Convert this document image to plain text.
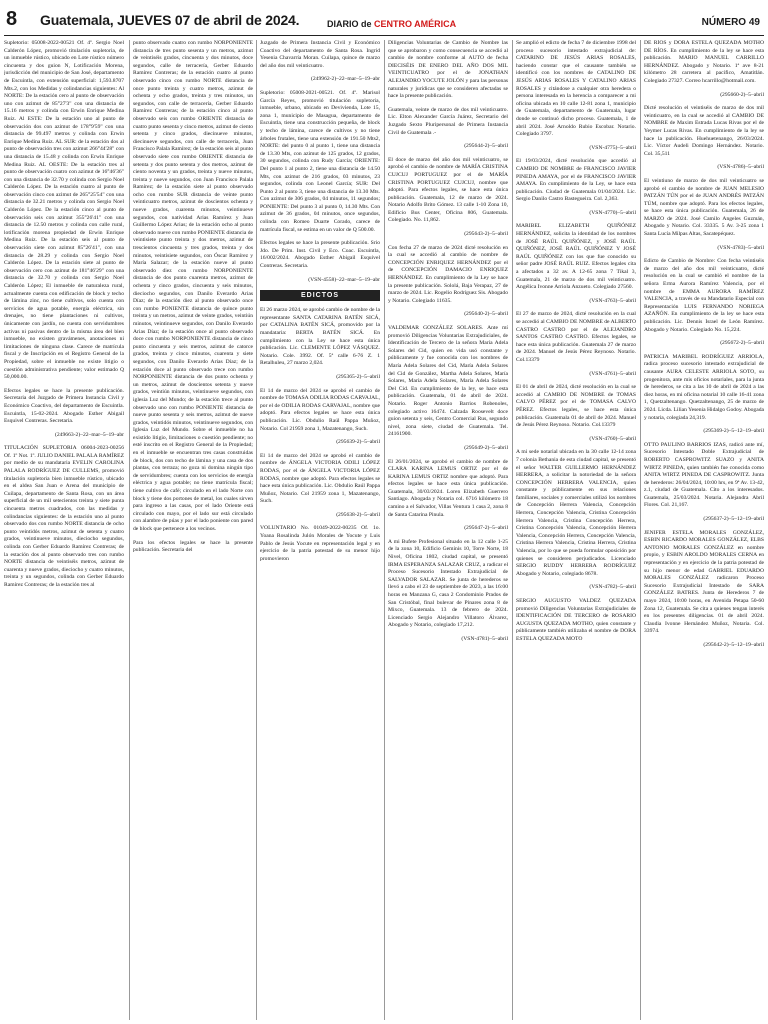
8 Guatemala, JUEVES 07 de abril de 2024.	DIARIO de CENTRO AMÉRICA	NÚMERO 49

Supletorio: 05008-2022-00521 Of. 4º. Sergio Noel Calderón López, promovió titulación supletoria, de un inmueble rústico, ubicado en Lote rústico número cincuenta y dos guion N, Lotificación Morena, jurisdicción del municipio de San José, departamento de Escuintla, con extensión superficial: 1,593.8707 Mts.2, con los Medidas y colindancias siguientes: Al NORTE: De la estación cero al punto de observación uno con azimut de 85°27'3" con una distancia de 15.16 metros y colinda con Erwin Enrique Medina Ruiz. Al ESTE: De la estación uno al punto de observación dos con azimut de 178°9'59" con una distancia de 99.497 metros y colinda con Erwin Enrique Medina Ruiz. AL SUR: de la estación dos al punto de observación tres con azimut 266°44'28" con una distancia de 15.48 y colinda con Erwin Enrique Medina Ruiz. AL OESTE: De la estación tres al punto de observación cuatro con azimut de 16°46'36" con una distancia de 32.70 y colinda con Sergio Noel Calderón López. De la estación cuatro al punto de observación cinco con azimut de 265°25'54" con una distancia de 32.21 metros y colinda con Sergio Noel Calderón López. De la estación cinco al punto de observación seis con azimut 355°26'41" con una distancia de 12.50 metros y colinda con calle rural, lotificación morena propiedad de Erwin Enrique Medina Ruiz. De la estación seis al punto de observación siete con azimut 85°26'41", con una distancia de 28.29 y colinda con Sergio Noel Calderón López. De la estación siete al punto de observación cero con azimut de 181°46'29" con una distancia de 32.70 y colinda con Sergio Noel Calderón López; El inmueble de naturaleza rural, actualmente cuenta con edificación de block y techo de lámina zinc, no tiene cultivos, solo cuenta con servicios de agua potable, energía eléctrica, sin drenajes, no tiene plantaciones ni cultivos, únicamente con jardín, no cuenta con servidumbres activas ni pasivas dentro de la misma área del bien inmueble, no existen gravámenes, anotaciones ni limitaciones de ninguna clase. Carece de matrícula fiscal y de Inscripción en el Registro General de la Propiedad, sobre el inmueble no existe litigio o cuestión administrativa pendiente; valor estimado Q 50,000.00.

Efectos legales se hace la presente publicación. Secretaria del Juzgado de Primera Instancia Civil y Económico Coactivo, del departamento de Escuintla. Escuintla, 15-02-2024. Abogado Esther Abigail Esquivel Contreras. Secretaria.

(249663-2)–22–mar–5–19–abr

TITULACIÓN SUPLETORIA 06004-2023-00256 Of. 1º Not. 1º. JULIO DANIEL PALALA RAMÍREZ por medio de su mandataria EVELIN CAROLINA PALALA RODRÍGUEZ DE CULLEMS, promovió titulación supletoria bien inmueble rústico, ubicado en el aldea San Juan e Arena del municipio de Cuilapa, departamento de Santa Rosa, con un área superficial de un mil setecientos treinta y siete punta cincuenta metros cuadrados, con las medidas y colindancias siguientes: de la estación uno al punto observado dos con rumbo NORTE distancia de ocho punto veintidós metros, azimut de setenta y cuatro grados, veintinueve minutos, dieciocho segundos, colinda con Gerber Eduardo Ramírez Contreras; de la estación dos al punto observado tres con rumbo NORTE distancia de veintiséis metros, azimut de cuarenta y nueve grados, dieciocho y cuatro minutos, treinta y un segundos, colinda con Gerber Eduardo Ramírez Contreras; de la estación tres al

punto observado cuatro con rumbo NORPONIENTE distancia de tres punto sesenta y un metros, azimut de veintiséis grados, cincuenta y dos minutos, doce segundos, calle de terracería, Gerber Eduardo Ramírez Contreras; de la estación cuatro al punto observado cinco con rumbo NORTE distancia de once punto treinta y cuatro metros, azimut de ochenta y ocho grados, treinta y tres minutos, un segundos, con calle de terracería, Gerber Eduardo Ramírez Contreras; de la estación cinco al punto observado seis con rumbo ORIENTE distancia de cuatro punto sesenta y cinco metros, azimut de ciento setenta y cinco grados, diecinueve minutos, diecinueve segundos, con calle de terracería, Juan Francisco Palala Ramírez; de la estación seis al punto observado siete con rumbo ORIENTE distancia de setenta y dos punto setenta y dos metros, azimut de ciento noventa y un grados, treinta y nueve minutos, treinta y nueve segundos, con Juan Francisco Palala Ramírez; de la estación siete al punto observado ocho con rumbo SUR distancia de veinte punto veinticuatro metros, azimut de doscientos ochenta y nueve grados, cuarenta minutos, veintinueve segundos, con natividad Arias Ramírez y Juan Guillermo López Arias; de la estación ocho al punto observado nueve con rumbo PONIENTE distancia de veintisiete punto treinta y dos metros, azimut de trescientos cincuenta y tres grados, treinta y dos minutos, veintisiete segundos, con Óscar Ramírez y María Salazar; de la estación nueve al punto observado diez con rumbo NORPONIENTE distancia de dos punto cuarenta metros, azimut de ochenta y cinco grados, cincuenta y seis minutos, dieciocho segundos, con Danilo Everardo Arias Díaz; de la estación diez al punto observado once con rumbo PONIENTE distancia de quince punto treinta y un metros, azimut de veinte grados, veintiún minutos, veintinueve segundos, con Danilo Everardo Arias Díaz; de la estación once al punto observado doce con rumbo NORPONIENTE distancia de cinco punto cincuenta y seis metros, azimut de catorce grados, treinta y cinco minutos, cuarenta y siete segundos, con Danilo Everardo Arias Díaz; de la estación doce al punto observado trece con rumbo NORPONIENTE distancia de dos punto ochenta y un metros, azimut de doscientos setenta y nueve grados, veintiún minutos, veintinueve segundos, con iglesia Luz del Mundo; de la estación trece al punto observado uno con rumbo PONIENTE distancia de nueve punto sesenta y seis metros, azimut de nueve grados, veintidós minutos, veintinueve segundos, con Iglesia Luz del Mundo. Sobre el inmueble no ha existido litigio, limitaciones o cuestión pendiente; no esté inscrito en el Registro General de la Propiedad; en el inmueble se encuentran tres casas construidas de block, dos con techo de lámina y una casa de dos plantas, con terraza; no goza ni domina ningún tipo de servidumbres; cuenta con los servicios de energía eléctrica y agua potable; no tiene matrícula fiscal; tiene cultivo de café; circulado en el lado Norte con block y tiene dos portones de metal, los cuales sirven para ingreso a las casas, por el lado Oriente está circulado con mayo, por el lado sur está circulado con alambre de púas y por el lado poniente con pared de block que pertenece a los vecinos.

Para los efectos legales se hace la presente publicación. Secretaria del

Juzgado de Primera Instancia Civil y Económico Coactivo del departamento de Santa Rosa. Ingrid Yesenia Chavarría Moran. Cuilapa, quince de marzo del año dos mil veinticuatro.

(249962-2)–22–mar–5–19–abr

Supletorio: 05008-2021-00521. Of. 4º. Marisol García Reyes, promovió titulación supletoria, inmueble, urbano, ubicado en Devivienda, Lote 15, zona 1, municipio de Masagua, departamento de Escuintla, tiene una construcción pequeña, de block y techo de lámina, carece de cultivos y no tiene árboles frutales, tiene una extensión de 191.50 Mts2, NORTE: del punto 0 al punto 1, tiene una distancia de 13.30 Mts, con azimut de 125 grados, 12 grados, 30 segundos, colinda con Rudy García; ORIENTE: Del punto 1 al punto 2, tiene una distancia de 14.50 Mts, con azimut de 216 grados, 03 minutos, 23 segundos, colinda con Leonel García; SUR: Del Punto 2 al punto 3, tiene una distancia de 13.30 Mts. Con azimut de 306 grados, 04 minutos, 11 segundos; PONIENTE: Del punto 3 al punto 0, 14.30 Mts. Con azimut de 36 grados, 04 minutos, once segundos, colinda con Romeo Duarte Corado, carece de matrícula fiscal, se estima en un valor de Q 500.00.

Efectos legales se hace la presente publicación. Srio Jdo. De Prim. Inst. Civil y Eco. Coac. Escuintla, 16/002/2024. Abogado Esther Abigail Esquivel Contreras. Secretaria.

(VSN-4558)–22–mar–5–19–abr

EDICTOS

El 26 marzo 2024, se aprobó cambio de nombre de la representante SANTA CATARINA BATÉN SICÁ, por CATALINA BATÉN SICÁ, promovido por la mandataria: BERTA BATÉN SICÁ. En cumplimiento con la Ley se hace esta única publicación. Lic. CLEMENTE LÓPEZ VÁSQUEZ. Notario. Cole. 3992. Of. 5ª calle 6-76 Z. 1 Retalhuleu, 27 marzo 2,024.

(295365-2)–5–abril

El 14 de marzo del 2024 se aprobó el cambio de nombre de TOMASA ODILIA RODAS CARVAJAL, por el de ODILIA RODAS CARVAJAL, nombre que adoptó. Para efectos legales se hace esta única publicación. Lic. Obdulio Raúl Pappa Muñoz, Notario. Col 21959 zona 1, Mazatenango, Such.

(295639-2)–5–abril

El 14 de marzo del 2024 se aprobó el cambio de nombre de ÁNGELA VICTORIA ODILI LÓPEZ RODAS, por el de ÁNGELA VICTORIA LÓPEZ RODAS, nombre que adoptó. Para efectos legales se hace esta única publicación. Lic. Obdulio Raúl Pappa Muñoz, Notario. Col 21959 zona 1, Mazatenango, Such.

(295638-2)–5–abril

VOLUNTARIO No. 01049-2022-00235 Of. 1o. Yoana Rosalinda Julón Morales de Yocute y Luis Pablo de Jesús Yocute en representación legal y en ejercicio de la patria potestad de su menor hijo promovieron

Diligencias Voluntarias de Cambio de Nombre las que se aprobaron y como consecuencia se accedió al cambio de nombre conforme al AUTO de fecha DIECISÉIS DE ENERO DEL AÑO DOS MIL VEINTICUATRO por el de JONATHAN ALEJANDRO YOCUTE JOLÓN y para las personas naturales y jurídicas que se consideren afectadas se hace la presente publicación.

Guatemala, veinte de marzo de dos mil veinticuatro. Lic. Elton Alexander García Juárez, Secretario del Juzgado Sexto Pluripersonal de Primera Instancia Civil de Guatemala .-

(295644-2)–5–abril

El doce de marzo del año dos mil veinticuatro, se aprobó el cambio de nombre de MARÍA CRISTINA CUJCUJ PORTUGUEZ por el de MARÍA CRISTINA PORTUGUEZ CUJCUJ, nombre que adoptó. Para efectos legales, se hace esta única publicación. Guatemala, 12 de marzo de 2024. Notario Adolfo Brito Gómez. 13 calle 1-10 Zona 10, Edificio Bus Center, Oficina 806, Guatemala. Colegiado. No. 11,862.

(295643-2)–5–abril

Con fecha 27 de marzo de 2024 dicté resolución en la cual se accedió al cambio de nombre de CONCEPCIÓN ENRIQUEZ HERNÁNDEZ por el de CONCEPCIÓN DAMACIO ENRIQUEZ HERNÁNDEZ. En cumplimiento de la Ley se hace la presente publicación. Sololá, Baja Verapaz, 27 de marzo de 2024. Lic. Rogelio Rodríguez Sis. Abogado y Notario. Colegiado 11635.

(295640-2)–5–abril

VALDEMAR GONZÁLEZ SOLARES. Ante mí promovió Diligencias Voluntarias Extrajudiciales, de Identificación de Tercero de la señora María Adela Solares del Cid, quien en vida usó constante y públicamente y fue conocida con los nombres de María Adela Solares del Cid, María Adela Solares del Cid de González, Martha Adela Solares, María Solares, María Adela Solares, María Adela Solares Del Cid. En cumplimiento de la ley, se hace esta publicación. Guatemala, 01 de abril de 2024. Notario. Roger Antonio Barrios Robenoles, colegiado activo 16474. Calzada Roosevelt doce guion setenta y seis, Centro Comercial Rus, segundo nivel, zona siete, ciudad de Guatemala. Tel. 24161900.

(295649-2)–5–abril

El 26/01/2024, se aprobó el cambio de nombre de CLARA KARINA LEMUS ORTIZ por el de KARINA LEMUS ORTIZ nombre que adoptó. Para efectos legales se hace esta única publicación. Guatemala, 30/03/2024. Loren Elizabeth Guerrero Santiago. Abogada y Notaria col. 6716 kilómetro 18 camino a el Salvador, Villas Ventura 1 casa 2, zona 8 de Santa Catarina Pinula.

(295647-2)–5–abril

A mi Bufete Profesional situado en la 12 calle 1-25 de la zona 10, Edificio Geminis 10, Torre Norte, 18 Nivel, Oficina 1802, ciudad capital, se presentó IRMA ESPERANZA SALAZAR CRUZ, a radicar el Proceso Sucesorio Intestado Extrajudicial de SALVADOR SALAZAR. Se junta de herederos se llevó a cabo el 23 de septiembre de 2023, a las 16:00 horas en Manzana G, casa 2 Condominio Prados de San Cristóbal, final bulevar de Pinares zona 8 de Mixco, Guatemala. 13 de febrero de 2024. Licenciado Sergio Alejandro Villatoro Álvarez, Abogado y Notario, colegiado 17,212.

(VSN-4781)–5–abril

Se amplió el edicto de fecha 7 de diciembre 1998 del proceso sucesorio intestado extrajudicial de: CATARINO DE JESÚS ARIAS ROSALES, haciendo constar que el causante también se identificó con los nombres de CATALINO DE JESÚS ARIAS ROSALES Y CATALINO ARIAS ROSALES y citándose a cualquier otra heredera o persona interesada en la herencia a comparecer a mi oficina ubicada en 10 calle 12-81 zona 1, municipio de Guatemala, departamento de Guatemala, lugar donde se continuó dicho proceso. Guatemala, 1 de abril 2024. José Arnoldo Rubio Escobar. Notario. Colegiado 3797.

(VSN-4775)–5–abril

El 19/03/2024, dicté resolución que accedió al CAMBIO DE NOMBRE de FRANCISCO JAVIER PINEDA AMAYA, por el de FRANCISCO JAVIER AMAYA. En cumplimiento de la Ley, se hace esta publicación. Ciudad de Guatemala 01/04/2024. Lic. Sergio Danilo Castro Bastegueira. Col. 2,363.

(VSN-4770)–5–abril

MARIBEL ELIZABETH QUIÑÓNEZ HERNÁNDEZ, solicita la identidad de los nombres de JOSÉ RAÚL QUIÑÓNEZ, y JOSÉ RAÚL QUIÑÓNEZ, JOSÉ RAÚL QUIÑÓNEZ Y JOSÉ RAÚL QUIÑÓNEZ con los que fue conocido su señor padre JOSÉ RAÚL RUIZ. Efectos legales cita a afectados a 32 av. A 12-65 zona 7 Tikal 3, Guatemala, 21 de marzo de dos mil veinticuatro. Angélica Ivonne Arriola Anzueto. Colegiado 27560.

(VSN-4763)–5–abril

El 27 de marzo de 2024, dicté resolución en la cual se accedió al CAMBIO DE NOMBRE de ALBERTO CASTRO CASTRO por el de ALEJANDRO SANTOS CASTRO CASTRO. Efectos legales, se hace esta única publicación. Guatemala 27 de marzo de 2024. Manuel de Jesús Pérez Reynoso. Notario. Col.13379

(VSN-4761)–5–abril

El 01 de abril de 2024, dicté resolución en la cual se accedió al CAMBIO DE NOMBRE de TOMAS CALVO PÉREZ por el de TOMASA CALVO PÉREZ. Efectos legales, se hace esta única publicación. Guatemala 01 de abril de 2024. Manuel de Jesús Pérez Reynoso. Notario. Col.13379

(VSN-4760)–5–abril

A mi sede notarial ubicada en la 30 calle 12-14 zona 7 colonia Bethania de esta ciudad capital, se presentó el señor WALTER GUILLERMO HERNÁNDEZ HERRERA, a solicitar la notoriedad de la señora CONCEPCIÓN HERRERA VALENCIA, quien constante y públicamente en sus relaciones familiares, sociales y comerciales utilizó los nombres de Concepción Herrera Valencia, Concepción Herrera, Concepción Valencia, Cristina Concepción Herrera Valencia, Cristina Concepción Herrera, Cristina Concepción Valencia, Concepción Herrera Valencia, Concepción Herrera, Concepción Valencia, Cristina Herrera Valencia, Cristina Herrera, Cristina Valencia, por lo que se pueda formular oposición por quienes se consideren perjudicados. Licenciado SERGIO RUDDY HERRERA RODRÍGUEZ Abogado y Notario, colegiado 8678.

(VSN-4782)–5–abril

SERGIO AUGUSTO VALDEZ QUEZADA promovió Diligencias Voluntarias Extrajudiciales de IDENTIFICACIÓN DE TERCERO de ROSARIO AUGUSTA QUEZADA MOTHO, quien constante y públicamente también utilizaba el nombre de DORA ESTELA QUEZADA MOTO

DE RÍOS y DORA ESTELA QUEZADA MOTHO DE RÍOS. En cumplimiento de la ley se hace esta publicación. MARIO MANUEL CARRILLO HERNÁNDEZ. Abogado y Notario. 1ª ave 8-21 kilómetro 28 carretera al pacífico, Amatitlán. Colegiado 27327. Correo hcarrillo@hotmail.com.

(295660-2)–5–abril

Dicté resolución el veintiséis de marzo de dos mil veinticuatro, en la cual se accedió al CAMBIO DE NOMBRE de Maxim Estrada Lucas Rivas por el de Yeymer Lucas Rivas. En cumplimiento de la ley se hace la publicación. Huehuetenango, 26/03/2024. Lic. Víctor Audeli Domingo Hernández. Notario. Col. 35,511

(VSN-4786)–5–abril

El veintiuno de marzo de dos mil veinticuatro se aprobó el cambio de nombre de JUAN MELESIO PATZÁN TÚN por el de JUAN ANDRÉS PATZÁN TÚM, nombre que adoptó. Para los efectos legales, se hace esta única publicación. Guatemala, 26 de MARZO de 2024. José Camilo Angeles Guzmán, Abogado y Notario. Col. 33335. 5 Av. 3-25 zona 1 Santa Lucía Milpas Altas, Sacatepéquez.

(VSN-4783)–5–abril

Edicto de Cambio de Nombre: Con fecha veintiséis de marzo del año dos mil veinticuatro, dicté resolución en la cual se cambió el nombre de la señora Erma Aurora Ramírez Valencia, por el nombre de EMMA AURORA RAMÍREZ VALENCIA, a través de su Mandatario Especial con Representación LUIS FERNANDO NORIEGA AZAÑÓN. En cumplimiento de la ley se hace esta publicación. Lic. Dennis Israel de León Ramírez. Abogado y Notario. Colegiado No. 15,224.

(295672-2)–5–abril

PATRICIA MARIBEL RODRÍGUEZ ARRIOLA, radica proceso sucesorio intestado extrajudicial de causante AURA CELESTE ARRIOLA SOTO, su progenitora, ante mis oficios notariales, para la junta de herederos, se cita a las 10 de abril de 2024 a las diez horas, en mi oficina notarial 10 calle 16-41 zona 1, Quetzaltenango. Quetzaltenango, 25 de marzo de 2024. Licda. Lilian Yesenia Hidalgo Godoy. Abogada y notaria, colegiada 24,319.

(295369-2)–5–12–19–abril

OTTO PAULINO BARRIOS IZAS, radicó ante mí, Sucesorio Intestado Doble Extrajudicial de ROBERTO CASPROWITZ SUAZO y ANITA WIRTZ PINEDA, quien también fue conocida como ANITA WIRTZ PINEDA DE CASPROWITZ. Junta de herederos: 26/04/2024, 10:00 hrs, en 9ª Av. 13-42, z.1, ciudad de Guatemala. Cito a los interesados. Guatemala, 25/03/2024. Notaria. Alejandra Abril Flores. Col. 21,167.

(295637-2)–5–12–19–abril

JENIFER ESTELA MORALES GONZÁLEZ, ESBIN RICARDO MORALES GONZÁLEZ, ELBS ANTONIO MORALES GONZÁLEZ en nombre propio, y ESBIN AROLDO MORALES CERNA en representación y en ejercicio de la patria potestad de su hijo menor de edad GABRIEL EDUARDO MORALES GONZÁLEZ radicaron Proceso Sucesorio Extrajudicial Intestado de SARA GONZÁLEZ BATRES. Junta de Herederos 7 de mayo 2024, 10:00 horas, en Avenida Petapa 50-60 Zona 12, Guatemala. Se cita a quienes tengan interés en los presentes diligencias. 01 de abril 2024. Claudia Ivonne Hernández Muñoz, Notaria. Col. 33974.

(295642-2)–5–12–19–abril
